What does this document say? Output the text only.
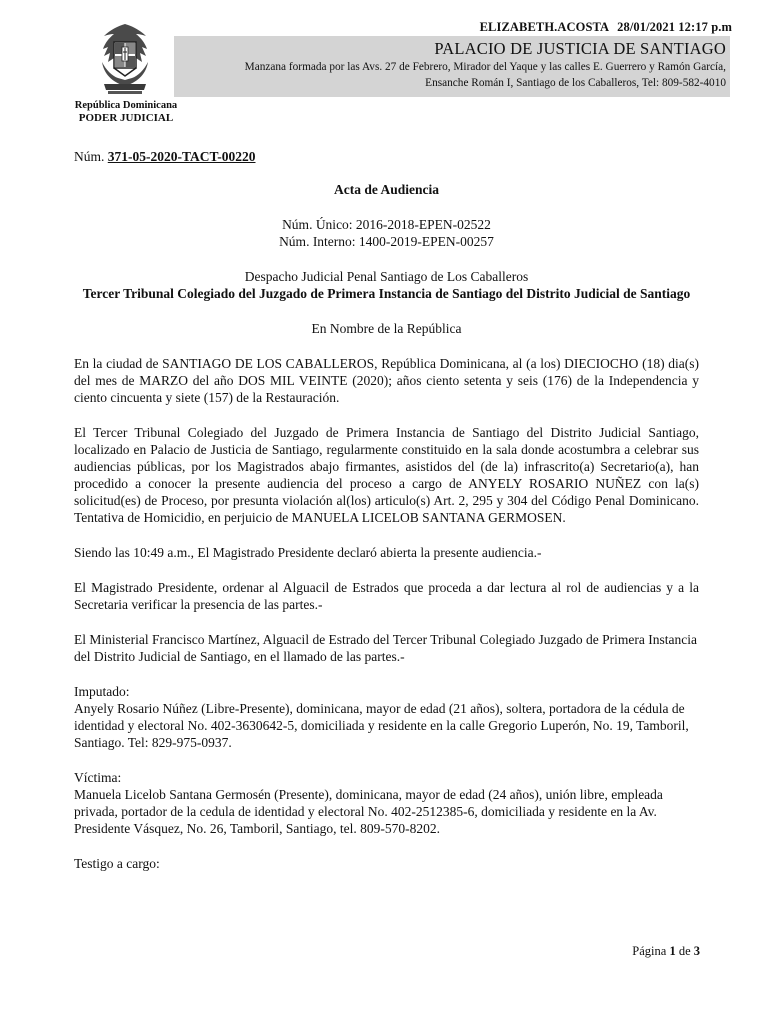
ELIZABETH.ACOSTA 28/01/2021 12:17 p.m
PALACIO DE JUSTICIA DE SANTIAGO
Manzana formada por las Avs. 27 de Febrero, Mirador del Yaque y las calles E. Guerrero y Ramón García,
Ensanche Román I, Santiago de los Caballeros, Tel: 809-582-4010
República Dominicana
PODER JUDICIAL

Núm. 371-05-2020-TACT-00220

Acta de Audiencia

Núm. Único: 2016-2018-EPEN-02522

Núm. Interno: 1400-2019-EPEN-00257

Despacho Judicial Penal Santiago de Los Caballeros

Tercer Tribunal Colegiado del Juzgado de Primera Instancia de Santiago del Distrito Judicial de Santiago

En Nombre de la República

En la ciudad de SANTIAGO DE LOS CABALLEROS, República Dominicana, al (a los) DIECIOCHO (18) dia(s) del mes de MARZO del año DOS MIL VEINTE (2020); años ciento setenta y seis (176) de la Independencia y ciento cincuenta y siete (157) de la Restauración.

El Tercer Tribunal Colegiado del Juzgado de Primera Instancia de Santiago del Distrito Judicial Santiago, localizado en Palacio de Justicia de Santiago, regularmente constituido en la sala donde acostumbra a celebrar sus audiencias públicas, por los Magistrados abajo firmantes, asistidos del (de la) infrascrito(a) Secretario(a), han procedido a conocer la presente audiencia del proceso a cargo de ANYELY ROSARIO NUÑEZ con la(s) solicitud(es) de Proceso, por presunta violación al(los) articulo(s) Art. 2, 295 y 304 del Código Penal Dominicano. Tentativa de Homicidio, en perjuicio de MANUELA LICELOB SANTANA GERMOSEN.

Siendo las 10:49 a.m., El Magistrado Presidente declaró abierta la presente audiencia.-

El Magistrado Presidente, ordenar al Alguacil de Estrados que proceda a dar lectura al rol de audiencias y a la Secretaria verificar la presencia de las partes.-

El Ministerial Francisco Martínez, Alguacil de Estrado del Tercer Tribunal Colegiado Juzgado de Primera Instancia del Distrito Judicial de Santiago, en el llamado de las partes.-

Imputado:

Anyely Rosario Núñez (Libre-Presente), dominicana, mayor de edad (21 años), soltera, portadora de la cédula de identidad y electoral No. 402-3630642-5, domiciliada y residente en la calle Gregorio Luperón, No. 19, Tamboril, Santiago. Tel: 829-975-0937.

Víctima:

Manuela Licelob Santana Germosén (Presente), dominicana, mayor de edad (24 años), unión libre, empleada privada, portador de la cedula de identidad y electoral No. 402-2512385-6, domiciliada y residente en la Av. Presidente Vásquez, No. 26, Tamboril, Santiago, tel. 809-570-8202.

Testigo a cargo:

Página 1 de 3
